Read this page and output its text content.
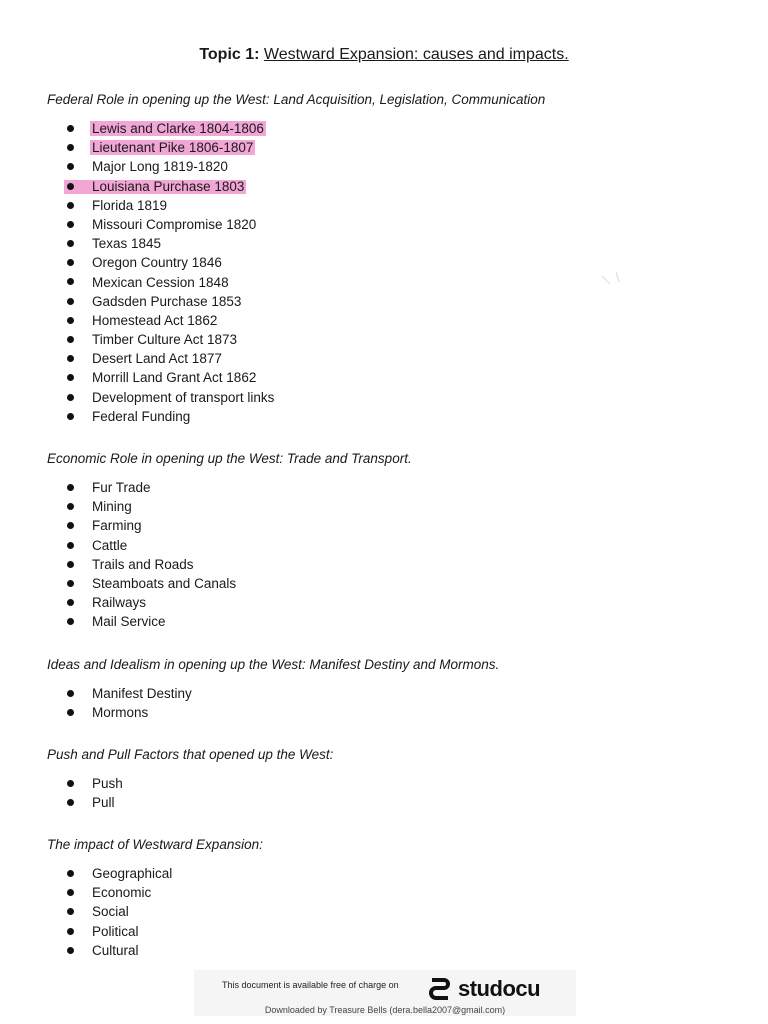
Topic 1: Westward Expansion: causes and impacts.
Federal Role in opening up the West: Land Acquisition, Legislation, Communication
Lewis and Clarke 1804-1806
Lieutenant Pike 1806-1807
Major Long 1819-1820
Louisiana Purchase 1803
Florida 1819
Missouri Compromise 1820
Texas 1845
Oregon Country 1846
Mexican Cession 1848
Gadsden Purchase 1853
Homestead Act 1862
Timber Culture Act 1873
Desert Land Act 1877
Morrill Land Grant Act 1862
Development of transport links
Federal Funding
Economic Role in opening up the West: Trade and Transport.
Fur Trade
Mining
Farming
Cattle
Trails and Roads
Steamboats and Canals
Railways
Mail Service
Ideas and Idealism in opening up the West: Manifest Destiny and Mormons.
Manifest Destiny
Mormons
Push and Pull Factors that opened up the West:
Push
Pull
The impact of Westward Expansion:
Geographical
Economic
Social
Political
Cultural
This document is available free of charge on	studocu
Downloaded by Treasure Bells (dera.bella2007@gmail.com)
